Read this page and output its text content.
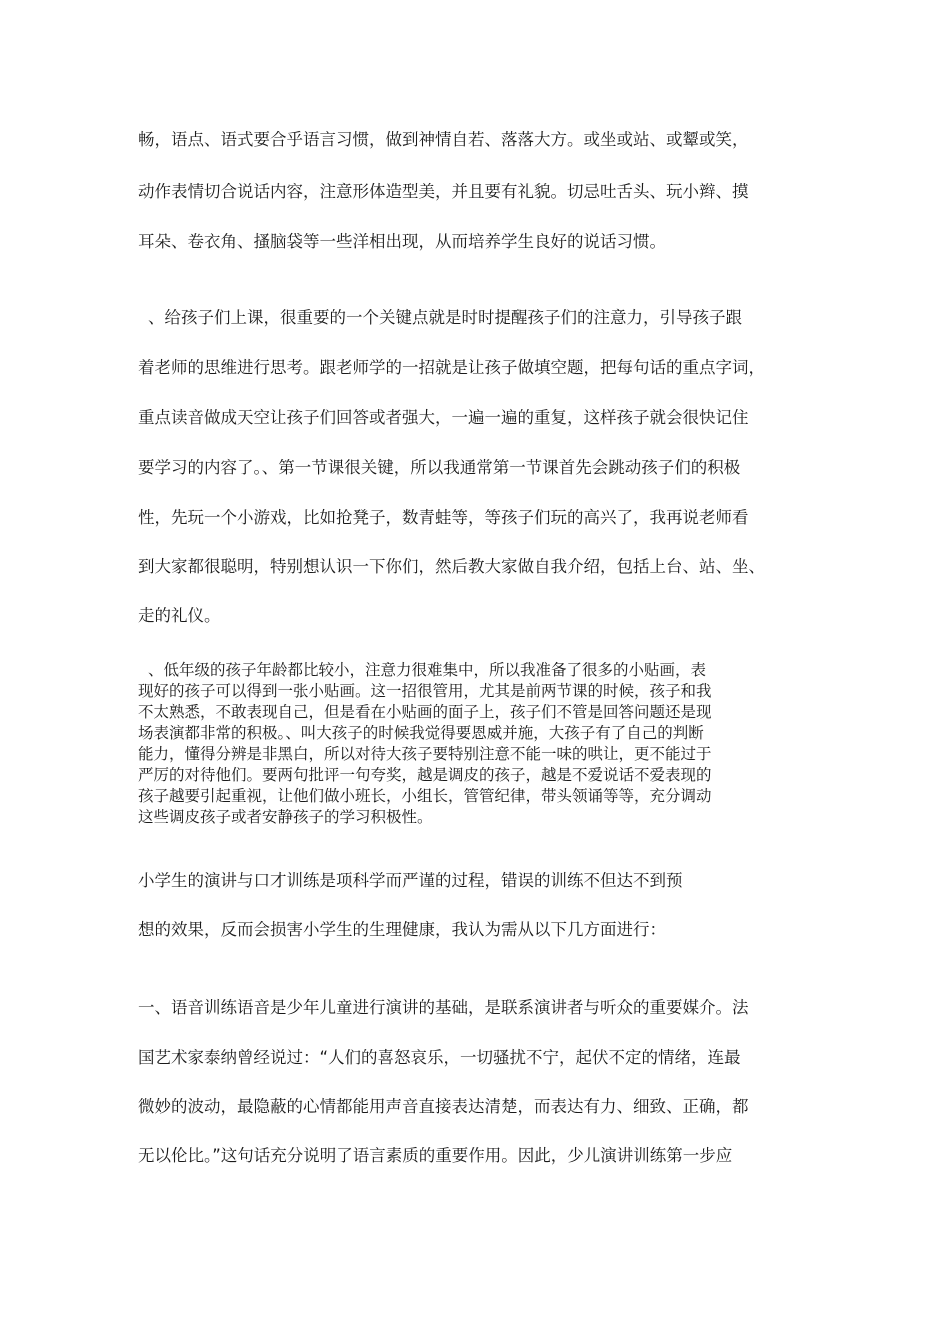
畅，语点、语式要合乎语言习惯，做到神情自若、落落大方。或坐或站、或颦或笑，

动作表情切合说话内容，注意形体造型美，并且要有礼貌。切忌吐舌头、玩小辫、摸

耳朵、卷衣角、搔脑袋等一些洋相出现，从而培养学生良好的说话习惯。

、给孩子们上课，很重要的一个关键点就是时时提醒孩子们的注意力，引导孩子跟

着老师的思维进行思考。跟老师学的一招就是让孩子做填空题，把每句话的重点字词，

重点读音做成天空让孩子们回答或者强大，一遍一遍的重复，这样孩子就会很快记住

要学习的内容了。、第一节课很关键，所以我通常第一节课首先会跳动孩子们的积极

性，先玩一个小游戏，比如抢凳子，数青蛙等，等孩子们玩的高兴了，我再说老师看

到大家都很聪明，特别想认识一下你们，然后教大家做自我介绍，包括上台、站、坐、

走的礼仪。

、低年级的孩子年龄都比较小，注意力很难集中，所以我准备了很多的小贴画，表
现好的孩子可以得到一张小贴画。这一招很管用，尤其是前两节课的时候，孩子和我
不太熟悉，不敢表现自己，但是看在小贴画的面子上，孩子们不管是回答问题还是现
场表演都非常的积极。、叫大孩子的时候我觉得要恩威并施，大孩子有了自己的判断
能力，懂得分辨是非黑白，所以对待大孩子要特别注意不能一味的哄让，更不能过于
严厉的对待他们。要两句批评一句夸奖，越是调皮的孩子，越是不爱说话不爱表现的
孩子越要引起重视，让他们做小班长，小组长，管管纪律，带头领诵等等，充分调动
这些调皮孩子或者安静孩子的学习积极性。

小学生的演讲与口才训练是项科学而严谨的过程，错误的训练不但达不到预

想的效果，反而会损害小学生的生理健康，我认为需从以下几方面进行：

一、语音训练语音是少年儿童进行演讲的基础，是联系演讲者与听众的重要媒介。法

国艺术家泰纳曾经说过：“人们的喜怒哀乐，一切骚扰不宁，起伏不定的情绪，连最

微妙的波动，最隐蔽的心情都能用声音直接表达清楚，而表达有力、细致、正确，都

无以伦比。”这句话充分说明了语言素质的重要作用。因此，少儿演讲训练第一步应
